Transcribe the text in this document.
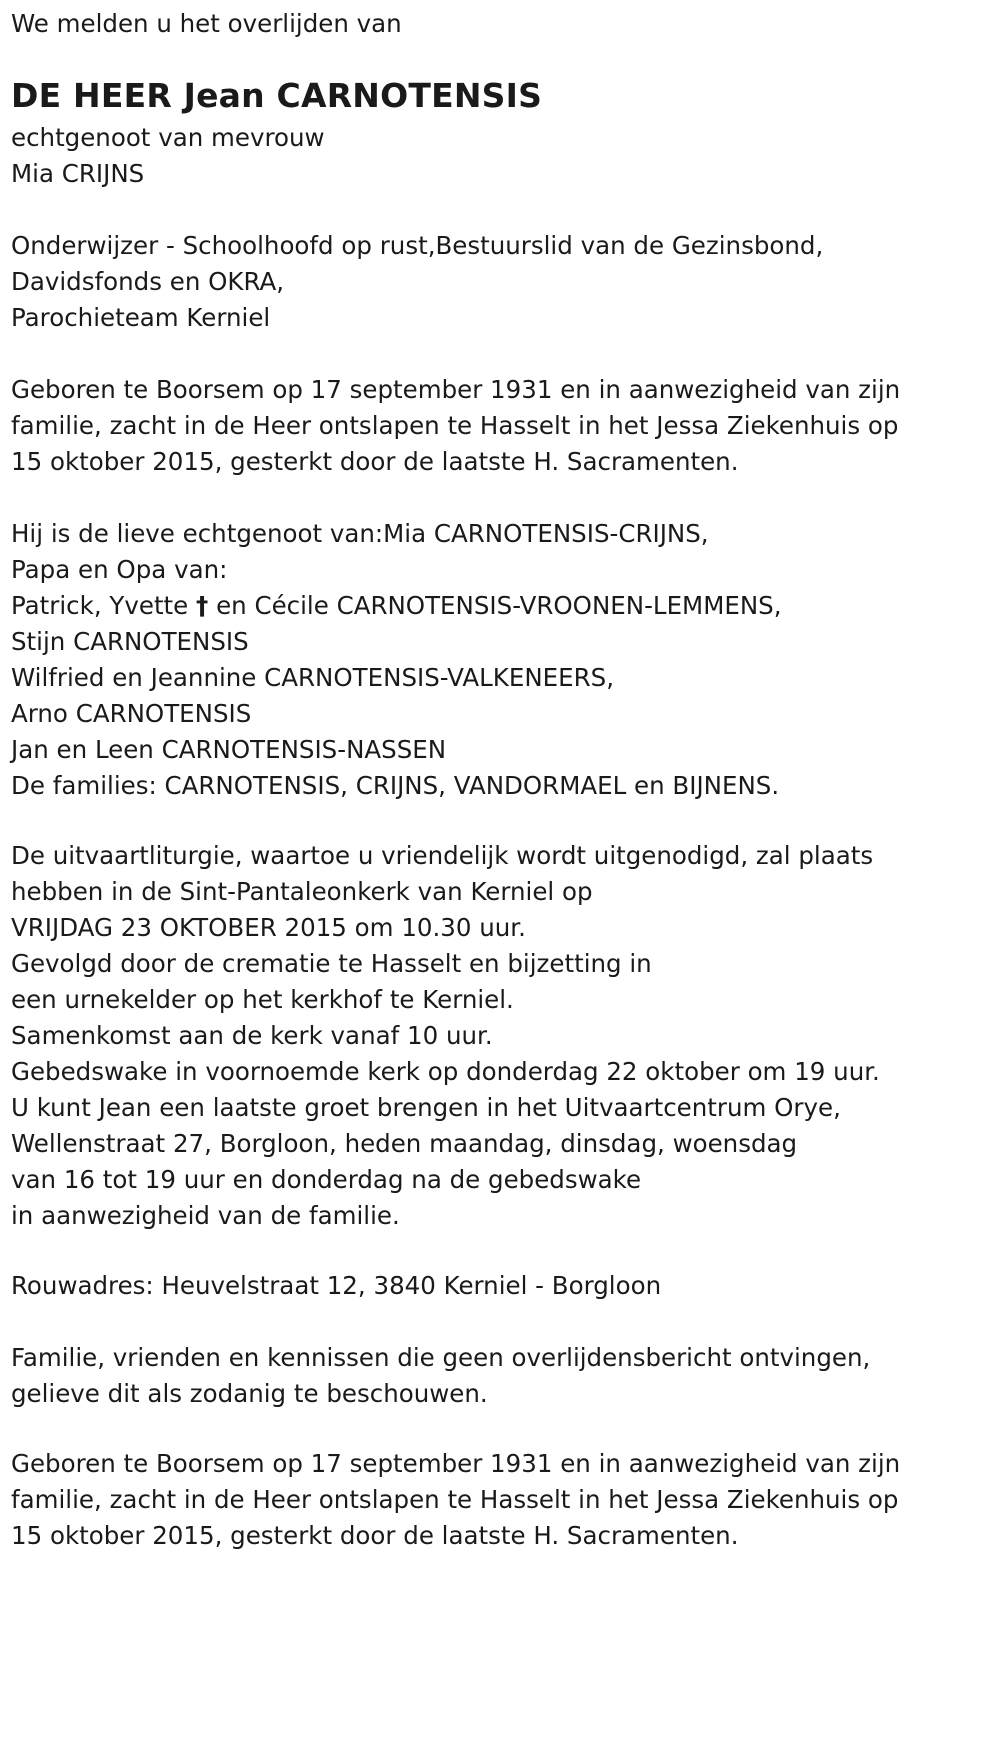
We melden u het overlijden van

DE HEER Jean CARNOTENSIS
echtgenoot van mevrouw
Mia CRIJNS
Onderwijzer - Schoolhoofd op rust,Bestuurslid van de Gezinsbond,
Davidsfonds en OKRA,
Parochieteam Kerniel
Geboren te Boorsem op 17 september 1931 en in aanwezigheid van zijn
familie, zacht in de Heer ontslapen te Hasselt in het Jessa Ziekenhuis op
15 oktober 2015, gesterkt door de laatste H. Sacramenten.
Hij is de lieve echtgenoot van:Mia CARNOTENSIS-CRIJNS,
Papa en Opa van:
Patrick, Yvette † en Cécile CARNOTENSIS-VROONEN-LEMMENS,
Stijn CARNOTENSIS
Wilfried en Jeannine CARNOTENSIS-VALKENEERS,
Arno CARNOTENSIS
Jan en Leen CARNOTENSIS-NASSEN
De families: CARNOTENSIS, CRIJNS, VANDORMAEL en BIJNENS.
De uitvaartliturgie, waartoe u vriendelijk wordt uitgenodigd, zal plaats
hebben in de Sint-Pantaleonkerk van Kerniel op
VRIJDAG 23 OKTOBER 2015 om 10.30 uur.
Gevolgd door de crematie te Hasselt en bijzetting in
een urnekelder op het kerkhof te Kerniel.
Samenkomst aan de kerk vanaf 10 uur.
Gebedswake in voornoemde kerk op donderdag 22 oktober om 19 uur.
U kunt Jean een laatste groet brengen in het Uitvaartcentrum Orye,
Wellenstraat 27, Borgloon, heden maandag, dinsdag, woensdag
van 16 tot 19 uur en donderdag na de gebedswake
in aanwezigheid van de familie.
Rouwadres: Heuvelstraat 12, 3840 Kerniel - Borgloon
Familie, vrienden en kennissen die geen overlijdensbericht ontvingen,
gelieve dit als zodanig te beschouwen.
Geboren te Boorsem op 17 september 1931 en in aanwezigheid van zijn
familie, zacht in de Heer ontslapen te Hasselt in het Jessa Ziekenhuis op
15 oktober 2015, gesterkt door de laatste H. Sacramenten.
